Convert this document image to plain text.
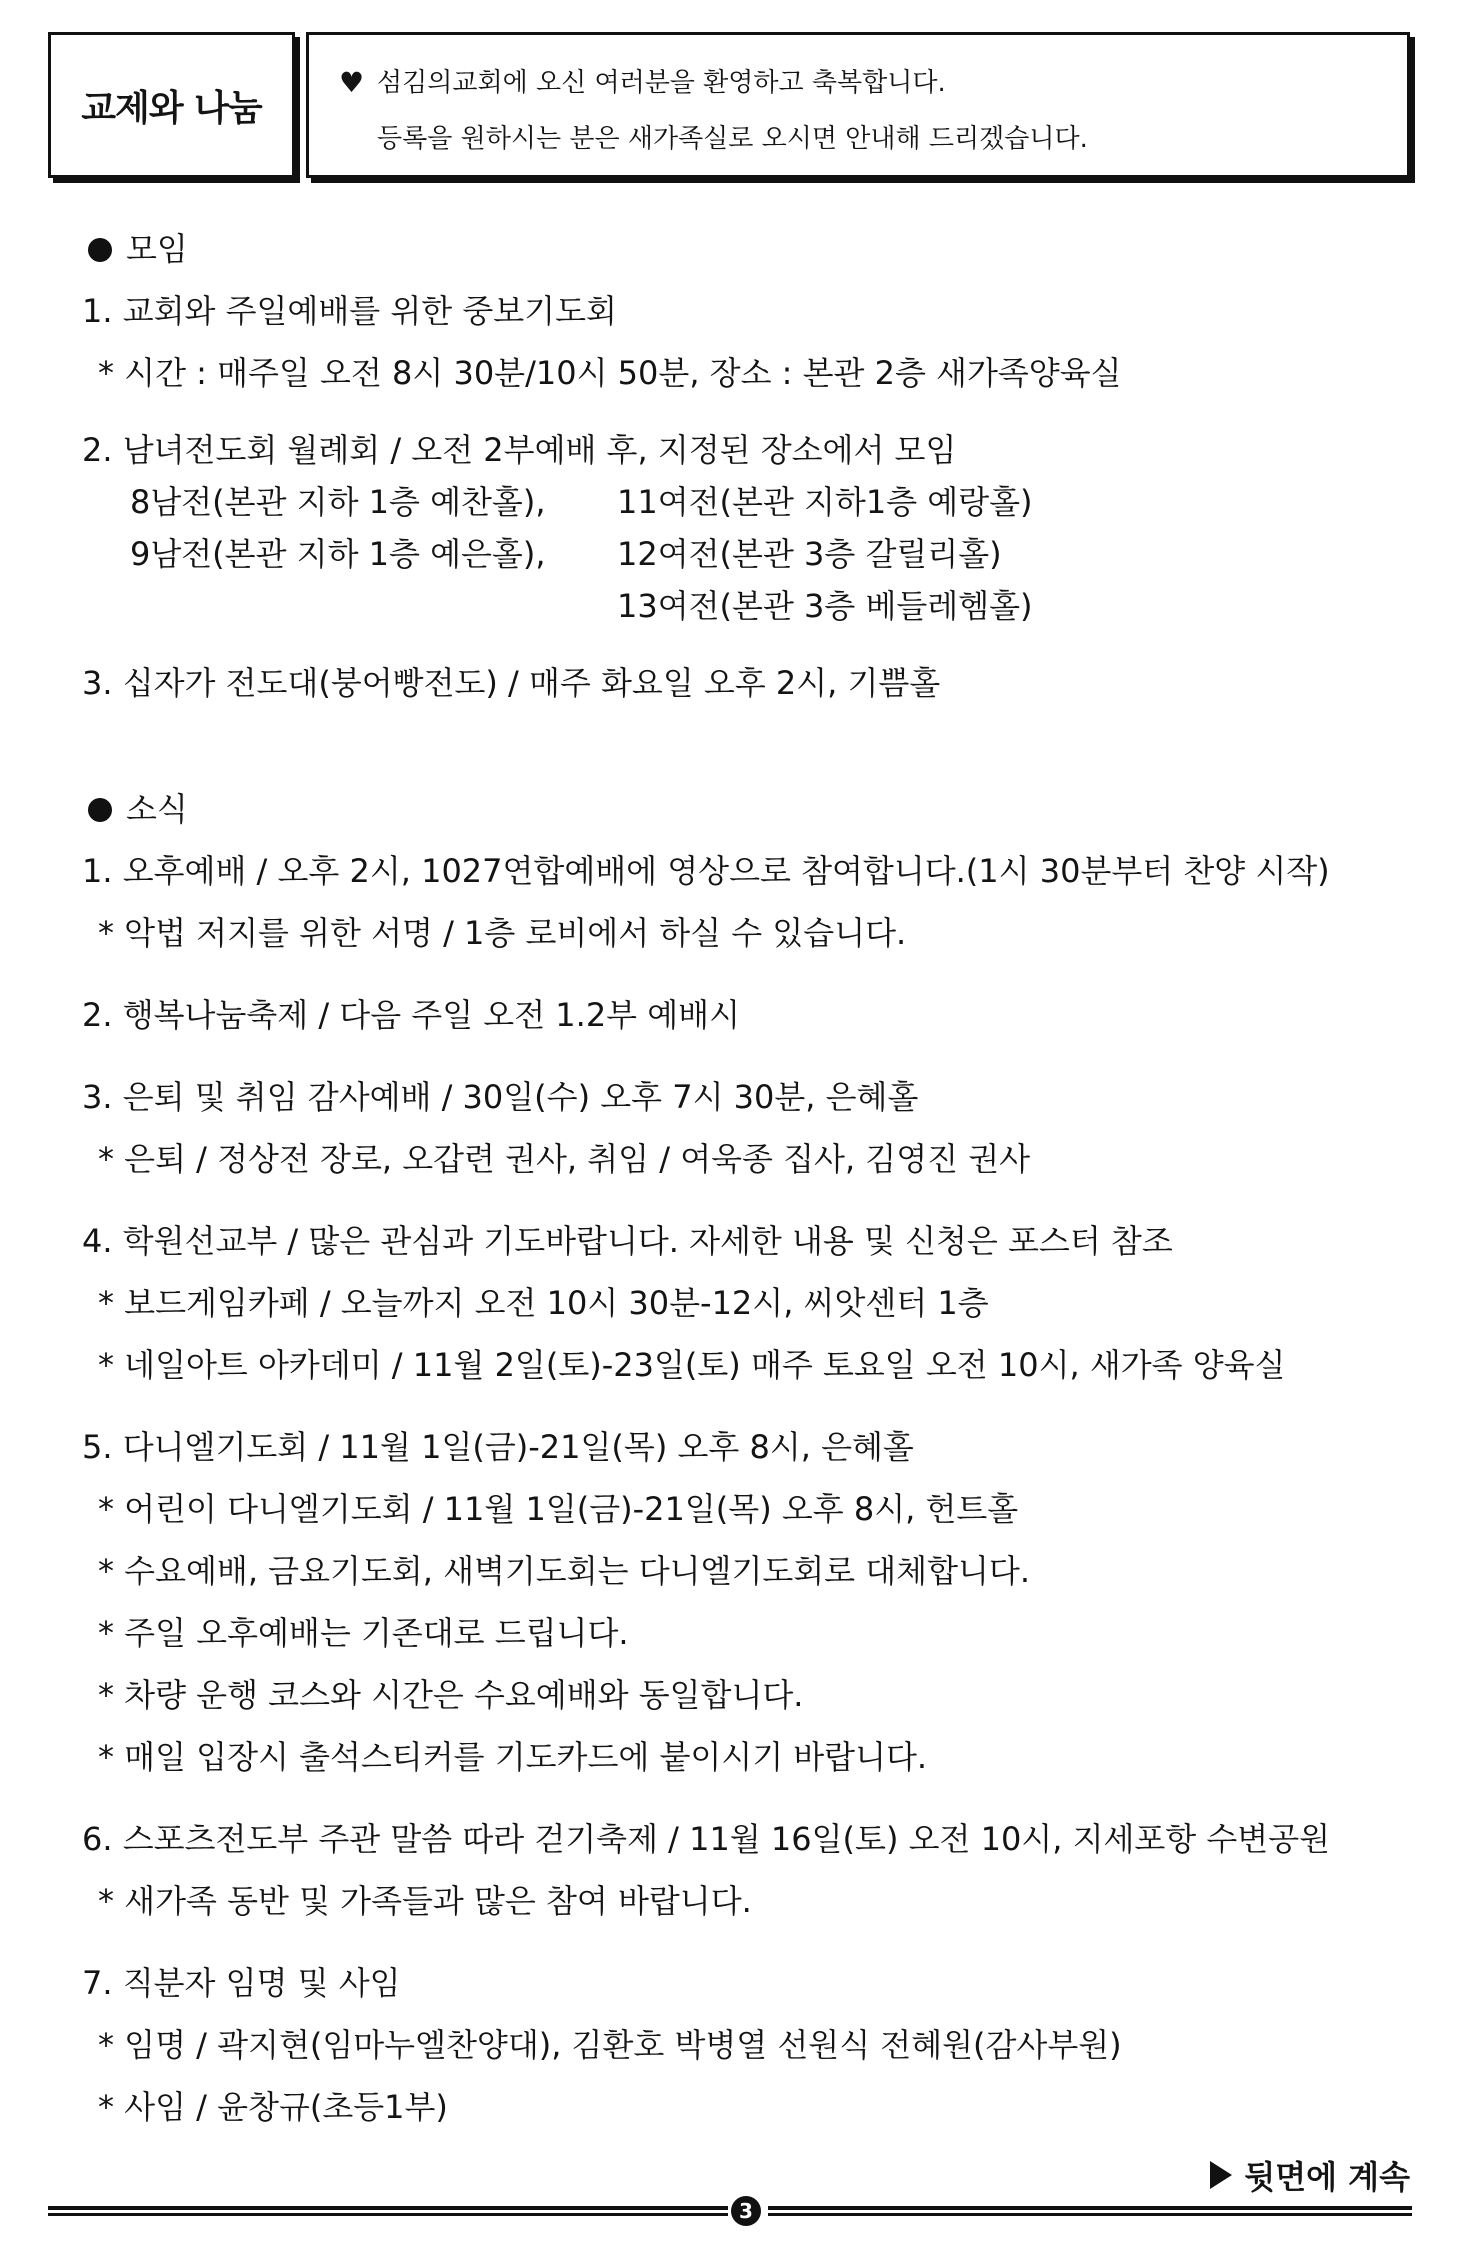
교제와 나눔
♥ 섬김의교회에 오신 여러분을 환영하고 축복합니다.
등록을 원하시는 분은 새가족실로 오시면 안내해 드리겠습니다.
모임
1. 교회와 주일예배를 위한 중보기도회
* 시간 : 매주일 오전 8시 30분/10시 50분, 장소 : 본관 2층 새가족양육실
2. 남녀전도회 월례회 / 오전 2부예배 후, 지정된 장소에서 모임
8남전(본관 지하 1층 예찬홀), 11여전(본관 지하1층 예랑홀)
9남전(본관 지하 1층 예은홀), 12여전(본관 3층 갈릴리홀)
13여전(본관 3층 베들레헴홀)
3. 십자가 전도대(붕어빵전도) / 매주 화요일 오후 2시, 기쁨홀
소식
1. 오후예배 / 오후 2시, 1027연합예배에 영상으로 참여합니다.(1시 30분부터 찬양 시작)
* 악법 저지를 위한 서명 / 1층 로비에서 하실 수 있습니다.
2. 행복나눔축제 / 다음 주일 오전 1.2부 예배시
3. 은퇴 및 취임 감사예배 / 30일(수) 오후 7시 30분, 은혜홀
* 은퇴 / 정상전 장로, 오갑련 권사, 취임 / 여욱종 집사, 김영진 권사
4. 학원선교부 / 많은 관심과 기도바랍니다. 자세한 내용 및 신청은 포스터 참조
* 보드게임카페 / 오늘까지 오전 10시 30분-12시, 씨앗센터 1층
* 네일아트 아카데미 / 11월 2일(토)-23일(토) 매주 토요일 오전 10시, 새가족 양육실
5. 다니엘기도회 / 11월 1일(금)-21일(목) 오후 8시, 은혜홀
* 어린이 다니엘기도회 / 11월 1일(금)-21일(목) 오후 8시, 헌트홀
* 수요예배, 금요기도회, 새벽기도회는 다니엘기도회로 대체합니다.
* 주일 오후예배는 기존대로 드립니다.
* 차량 운행 코스와 시간은 수요예배와 동일합니다.
* 매일 입장시 출석스티커를 기도카드에 붙이시기 바랍니다.
6. 스포츠전도부 주관 말씀 따라 걷기축제 / 11월 16일(토) 오전 10시, 지세포항 수변공원
* 새가족 동반 및 가족들과 많은 참여 바랍니다.
7. 직분자 임명 및 사임
* 임명 / 곽지현(임마누엘찬양대), 김환호 박병열 선원식 전혜원(감사부원)
* 사임 / 윤창규(초등1부)
뒷면에 계속
3
